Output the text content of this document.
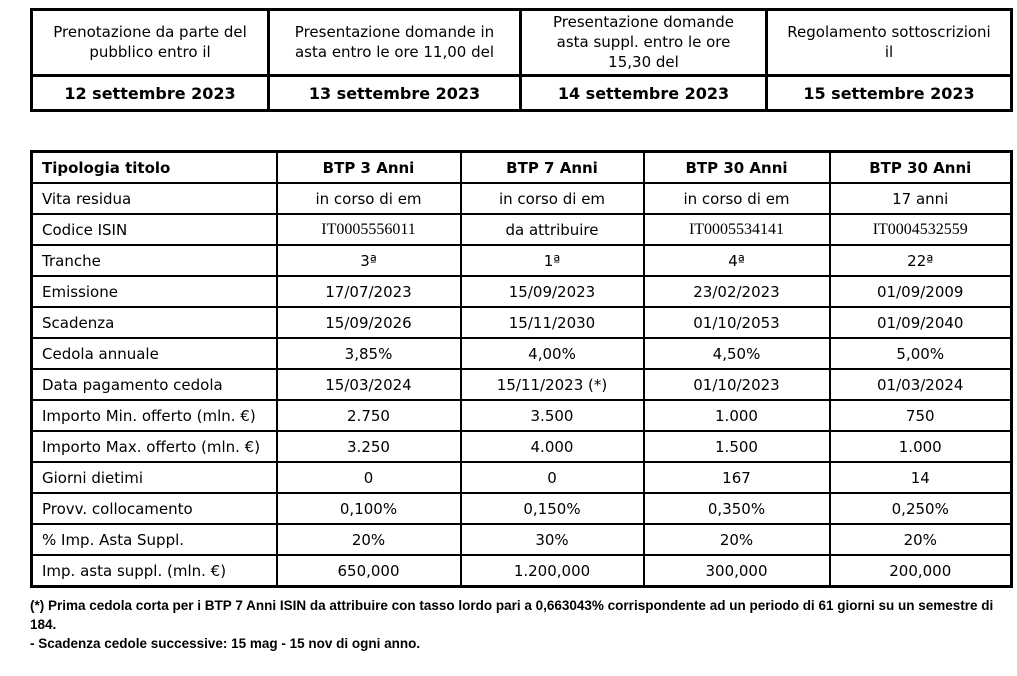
Prenotazione da parte del pubblico entro il	Presentazione domande in asta entro le ore 11,00 del	Presentazione domande asta suppl. entro le ore 15,30 del	Regolamento sottoscrizioni il
12 settembre 2023	13 settembre 2023	14 settembre 2023	15 settembre 2023
Tipologia titolo	BTP 3 Anni	BTP 7 Anni	BTP 30 Anni	BTP 30 Anni
Vita residua	in corso di em	in corso di em	in corso di em	17 anni
Codice ISIN	IT0005556011	da attribuire	IT0005534141	IT0004532559
Tranche	3ª	1ª	4ª	22ª
Emissione	17/07/2023	15/09/2023	23/02/2023	01/09/2009
Scadenza	15/09/2026	15/11/2030	01/10/2053	01/09/2040
Cedola annuale	3,85%	4,00%	4,50%	5,00%
Data pagamento cedola	15/03/2024	15/11/2023 (*)	01/10/2023	01/03/2024
Importo Min. offerto (mln. €)	2.750	3.500	1.000	750
Importo Max. offerto (mln. €)	3.250	4.000	1.500	1.000
Giorni dietimi	0	0	167	14
Provv. collocamento	0,100%	0,150%	0,350%	0,250%
% Imp. Asta Suppl.	20%	30%	20%	20%
Imp. asta suppl. (mln. €)	650,000	1.200,000	300,000	200,000
(*) Prima cedola corta per i BTP 7 Anni ISIN da attribuire con tasso lordo pari a 0,663043% corrispondente ad un periodo di 61 giorni su un semestre di 184.
- Scadenza cedole successive: 15 mag - 15 nov di ogni anno.
